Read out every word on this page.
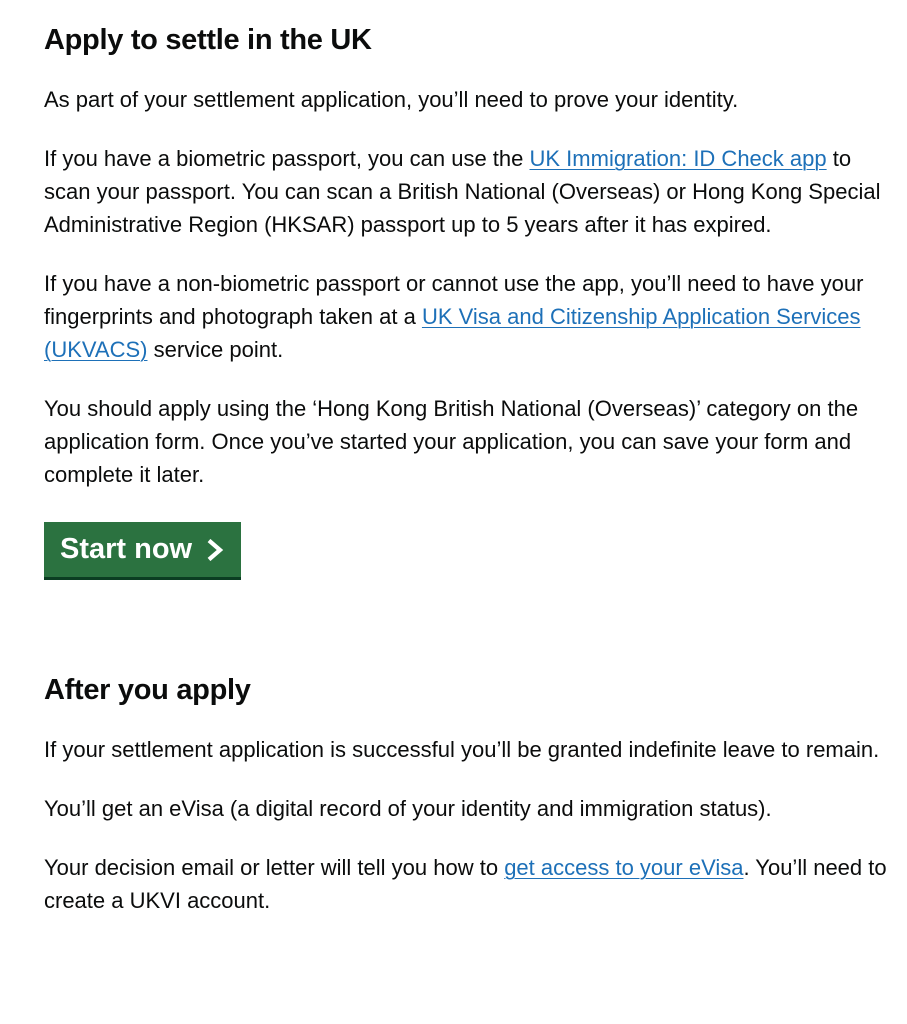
Apply to settle in the UK

As part of your settlement application, you’ll need to prove your identity.

If you have a biometric passport, you can use the UK Immigration: ID Check app to scan your passport. You can scan a British National (Overseas) or Hong Kong Special Administrative Region (HKSAR) passport up to 5 years after it has expired.

If you have a non-biometric passport or cannot use the app, you’ll need to have your fingerprints and photograph taken at a UK Visa and Citizenship Application Services (UKVACS) service point.

You should apply using the ‘Hong Kong British National (Overseas)’ category on the application form. Once you’ve started your application, you can save your form and complete it later.

Start now
After you apply

If your settlement application is successful you’ll be granted indefinite leave to remain.

You’ll get an eVisa (a digital record of your identity and immigration status).

Your decision email or letter will tell you how to get access to your eVisa. You’ll need to create a UKVI account.
